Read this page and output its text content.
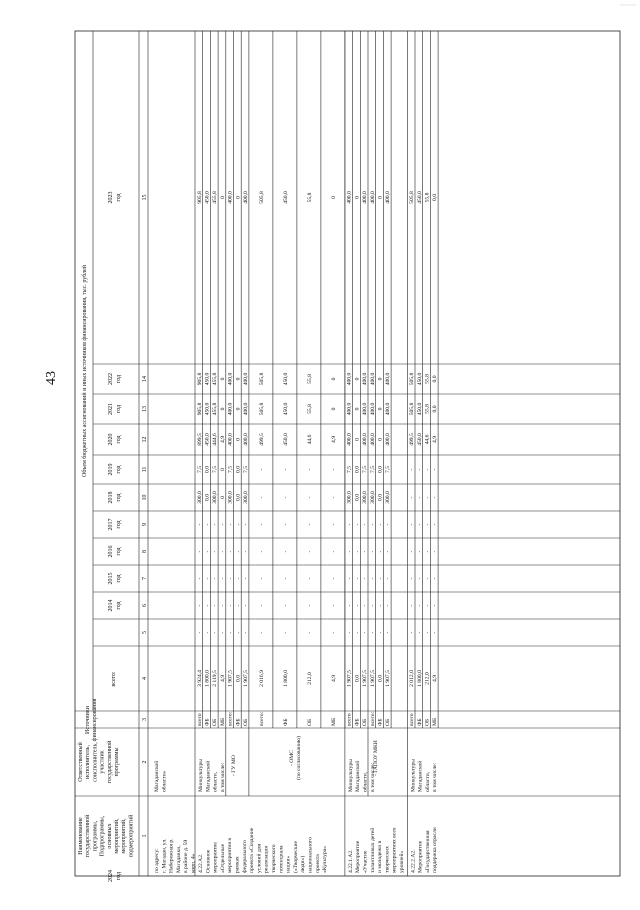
43
Наименование государственной программы, Подпрограммы, основных мероприятий, мероприятий, подмероприятий
Ответственный исполнитель, соисполнитель, участник государственной программы
Источники финансирования
Объем бюджетных ассигнований и иных источников финансирования, тыс. рублей
всего:
2014 год
2015 год
2016 год
2017 год
2018 год
2019 год
2020 год
2021 год
2022 год
2023 год
2024 год
1
2
3
4
5
6
7
8
9
10
11
12
13
14
15
по адресу: г. Магадан, ул. Набережная р. Магаданки, в районе д. 59 корп. 4»
Магаданской области»
4.22.А2. Основное мероприятие «Отдельные мероприятия в рамках федерального проекта «Создание условий для реализации творческого потенциала нации» («Творческие люди») национального проекта «Культура»
Минкультуры Магаданской области, в том числе:
всего
3 924,4
-
-
-
-
-
300,0
7,5
899,5
905,8
905,8
905,8
ФБ
1 800,0
-
-
-
-
-
0,0
0,0
450,0
450,0
450,0
450,0
ОБ
2 119,5
-
-
-
-
-
300,0
7,5
444,6
455,8
455,8
455,8
МБ
4,9
-
-
-
-
-
0
0
4,9
0
0
0
- ГУ МО
всего:
1 907,5
-
-
-
-
-
300,0
7,5
400,0
400,0
400,0
400,0
ФБ
0,0
-
-
-
-
-
0,0
0,0
0
0
0
0
ОБ
1 907,5
-
-
-
-
-
300,0
7,5
400,0
400,0
400,0
400,0
всего:
2 016,9
-
-
-
-
-
-
-
499,5
505,8
505,8
505,8
ФБ
1 800,0
-
-
-
-
-
-
-
450,0
450,0
450,0
450,0
ОБ
212,0
-
-
-
-
-
-
-
44,6
55,8
55,8
55,8
МБ
4,9
-
-
-
-
-
-
-
4,9
0
0
0
- ОМС (по согласованию)
4.22.1.А2. Мероприятие «Участие талантливых детей и молодежи в творческих мероприятиях всех уровней»
Минкультуры Магаданской области, в том числе:
всего
1 907,5
-
-
-
-
-
300,0
7,5
400,0
400,0
400,0
400,0
ФБ
0,0
-
-
-
-
-
0,0
0,0
0
0
0
0
ОБ
1 907,5
-
-
-
-
-
300,0
7,5
400,0
400,0
400,0
400,0
- ГАПОУ МКИ
всего:
1 907,5
-
-
-
-
-
300,0
7,5
400,0
400,0
400,0
400,0
ФБ
0,0
-
-
-
-
-
0,0
0,0
0
0
0
0
ОБ
1 907,5
-
-
-
-
-
300,0
7,5
400,0
400,0
400,0
400,0
4.22.2.А2. Мероприятие «Государственная поддержка отрасли
Минкультуры Магаданской области, в том числе:
всего
2 012,0
-
-
-
-
-
-
-
499,5
505,8
505,8
505,8
ФБ
1 800,0
-
-
-
-
-
-
-
450,0
450,0
450,0
450,0
ОБ
212,0
-
-
-
-
-
-
-
44,6
55,8
55,8
55,8
МБ
4,9
-
-
-
-
-
-
-
4,9
0,0
0,0
0,0
